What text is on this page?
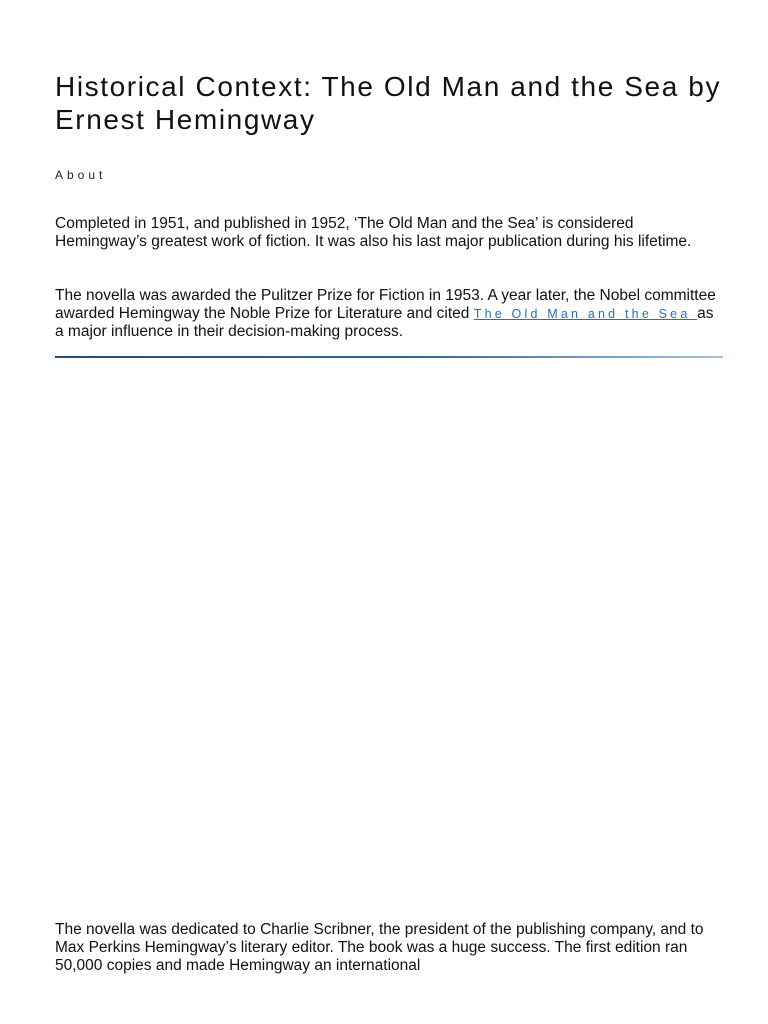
Historical Context: The Old Man and the Sea by Ernest Hemingway
About

Completed in 1951, and published in 1952, ‘The Old Man and the Sea’ is considered Hemingway’s greatest work of fiction. It was also his last major publication during his lifetime.

The novella was awarded the Pulitzer Prize for Fiction in 1953. A year later, the Nobel committee awarded Hemingway the Noble Prize for Literature and cited The Old Man and the Sea as a major influence in their decision-making process.

The novella was dedicated to Charlie Scribner, the president of the publishing company, and to Max Perkins Hemingway’s literary editor. The book was a huge success. The first edition ran 50,000 copies and made Hemingway an international
